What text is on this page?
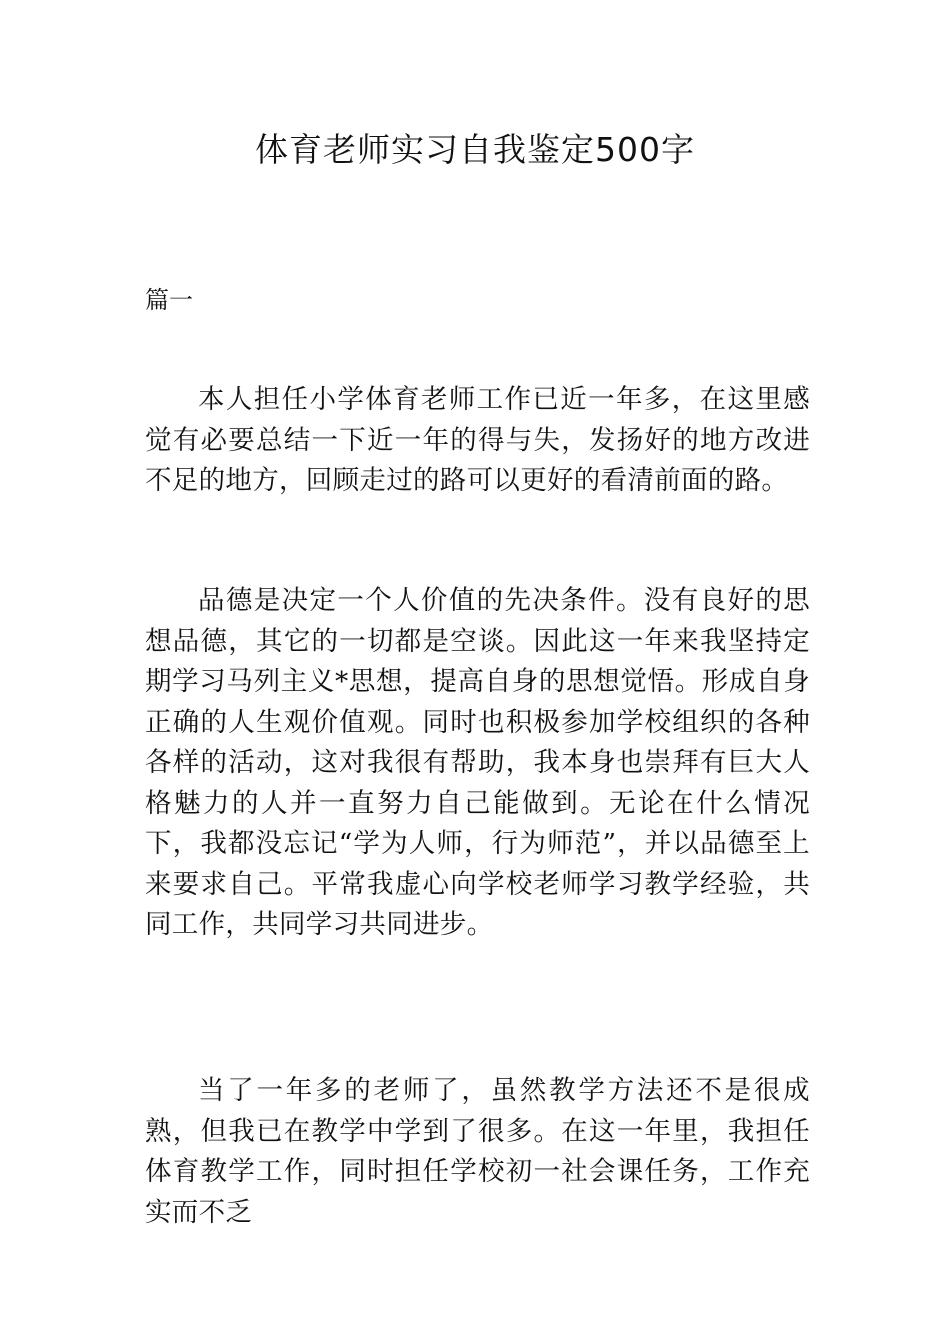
体育老师实习自我鉴定500字

篇一

本人担任小学体育老师工作已近一年多，在这里感觉有必要总结一下近一年的得与失，发扬好的地方改进不足的地方，回顾走过的路可以更好的看清前面的路。

品德是决定一个人价值的先决条件。没有良好的思想品德，其它的一切都是空谈。因此这一年来我坚持定期学习马列主义*思想，提高自身的思想觉悟。形成自身正确的人生观价值观。同时也积极参加学校组织的各种各样的活动，这对我很有帮助，我本身也崇拜有巨大人格魅力的人并一直努力自己能做到。无论在什么情况下，我都没忘记“学为人师，行为师范”，并以品德至上来要求自己。平常我虚心向学校老师学习教学经验，共同工作，共同学习共同进步。

当了一年多的老师了，虽然教学方法还不是很成熟，但我已在教学中学到了很多。在这一年里，我担任体育教学工作，同时担任学校初一社会课任务，工作充实而不乏
